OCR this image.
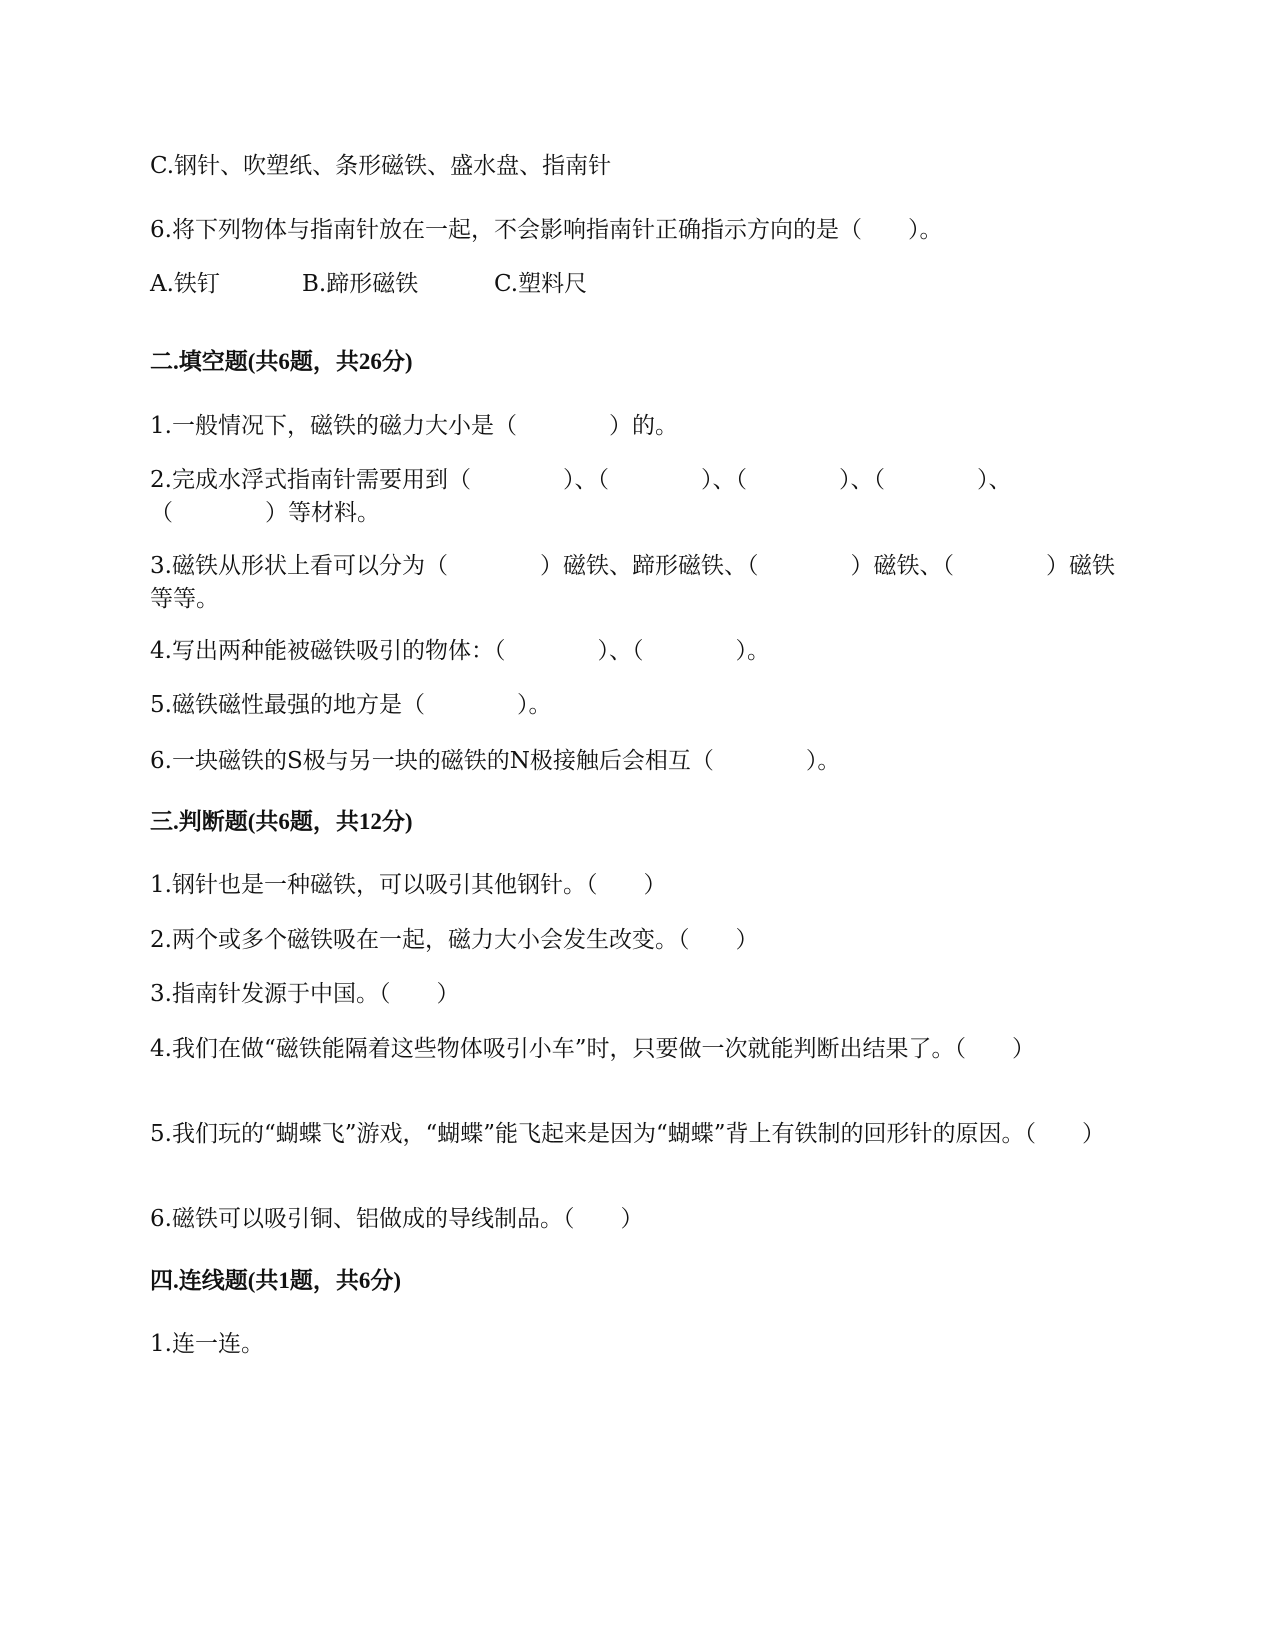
C.钢针、吹塑纸、条形磁铁、盛水盘、指南针
6.将下列物体与指南针放在一起，不会影响指南针正确指示方向的是（　　）。
A.铁钉	B.蹄形磁铁	C.塑料尺
二.填空题(共6题，共26分)
1.一般情况下，磁铁的磁力大小是（　　　　）的。
2.完成水浮式指南针需要用到（　　　　）、（　　　　）、（　　　　）、（　　　　）、（　　　　）等材料。
3.磁铁从形状上看可以分为（　　　　）磁铁、蹄形磁铁、（　　　　）磁铁、（　　　　）磁铁等等。
4.写出两种能被磁铁吸引的物体：（　　　　）、（　　　　）。
5.磁铁磁性最强的地方是（　　　　）。
6.一块磁铁的S极与另一块的磁铁的N极接触后会相互（　　　　）。
三.判断题(共6题，共12分)
1.钢针也是一种磁铁，可以吸引其他钢针。（　　）
2.两个或多个磁铁吸在一起，磁力大小会发生改变。（　　）
3.指南针发源于中国。（　　）
4.我们在做“磁铁能隔着这些物体吸引小车”时，只要做一次就能判断出结果了。（　　）
5.我们玩的“蝴蝶飞”游戏，“蝴蝶”能飞起来是因为“蝴蝶”背上有铁制的回形针的原因。（　　）
6.磁铁可以吸引铜、铝做成的导线制品。（　　）
四.连线题(共1题，共6分)
1.连一连。
